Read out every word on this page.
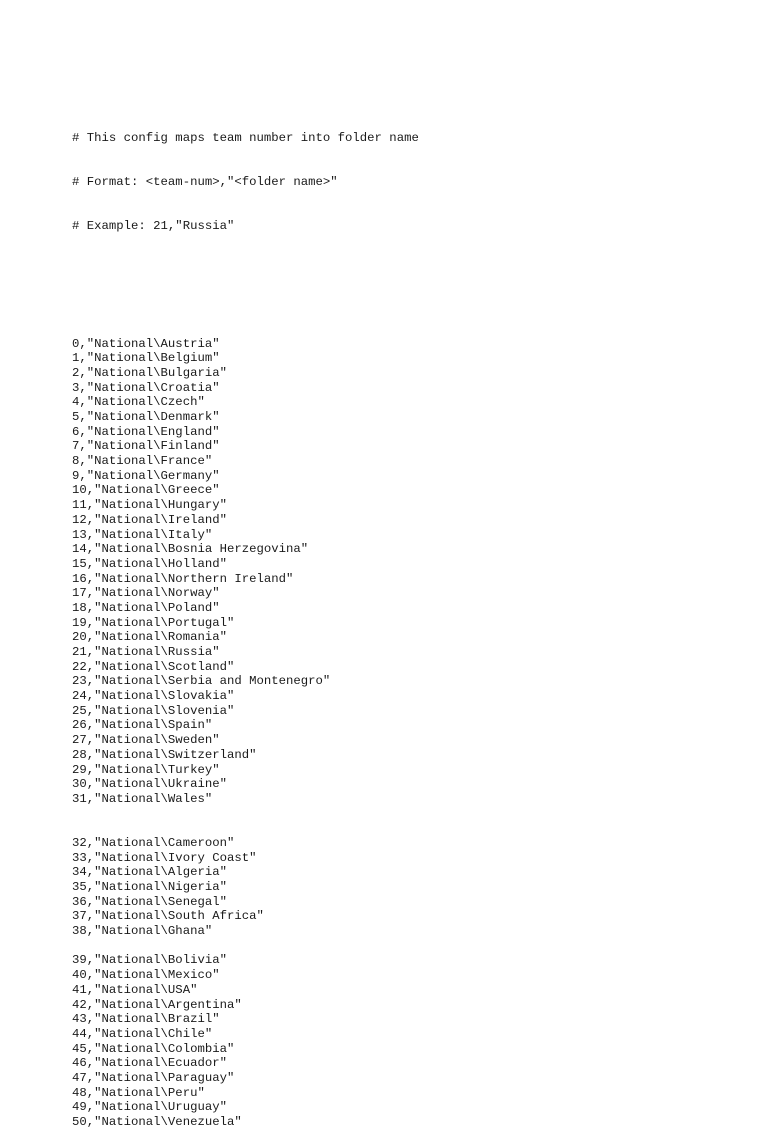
# This config maps team number into folder name

# Format: <team-num>,"<folder name>"

# Example: 21,"Russia"

0,"National\Austria"
1,"National\Belgium"
2,"National\Bulgaria"
3,"National\Croatia"
4,"National\Czech"
5,"National\Denmark"
6,"National\England"
7,"National\Finland"
8,"National\France"
9,"National\Germany"
10,"National\Greece"
11,"National\Hungary"
12,"National\Ireland"
13,"National\Italy"
14,"National\Bosnia Herzegovina"
15,"National\Holland"
16,"National\Northern Ireland"
17,"National\Norway"
18,"National\Poland"
19,"National\Portugal"
20,"National\Romania"
21,"National\Russia"
22,"National\Scotland"
23,"National\Serbia and Montenegro"
24,"National\Slovakia"
25,"National\Slovenia"
26,"National\Spain"
27,"National\Sweden"
28,"National\Switzerland"
29,"National\Turkey"
30,"National\Ukraine"
31,"National\Wales"
32,"National\Cameroon"
33,"National\Ivory Coast"
34,"National\Algeria"
35,"National\Nigeria"
36,"National\Senegal"
37,"National\South Africa"
38,"National\Ghana"
39,"National\Bolivia"
40,"National\Mexico"
41,"National\USA"
42,"National\Argentina"
43,"National\Brazil"
44,"National\Chile"
45,"National\Colombia"
46,"National\Ecuador"
47,"National\Paraguay"
48,"National\Peru"
49,"National\Uruguay"
50,"National\Venezuela"
